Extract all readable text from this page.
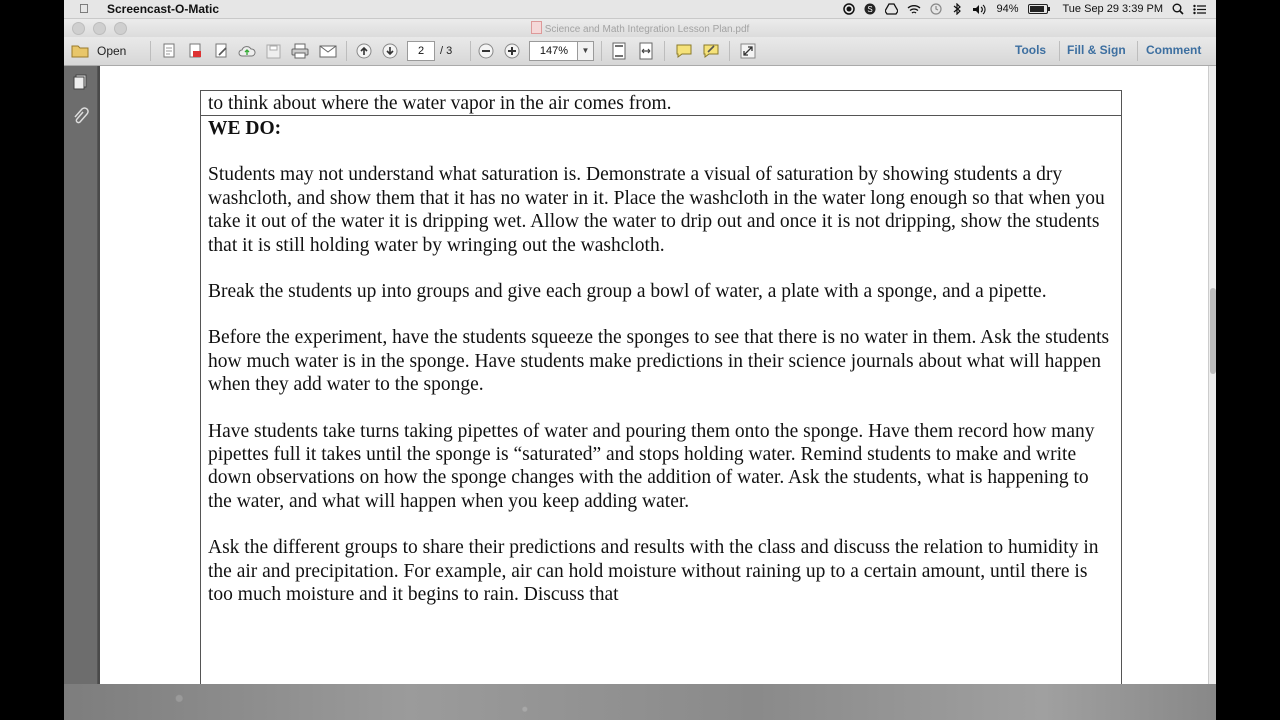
Screencast-O-Matic	S	94%	Tue Sep 29 3:39 PM
Science and Math Integration Lesson Plan.pdf
Open	2	/ 3	147%	▼	Tools Fill & Sign Comment

to think about where the water vapor in the air comes from.

WE DO:

Students may not understand what saturation is. Demonstrate a visual of saturation by showing students a dry washcloth, and show them that it has no water in it. Place the washcloth in the water long enough so that when you take it out of the water it is dripping wet. Allow the water to drip out and once it is not dripping, show the students that it is still holding water by wringing out the washcloth.

Break the students up into groups and give each group a bowl of water, a plate with a sponge, and a pipette.

Before the experiment, have the students squeeze the sponges to see that there is no water in them. Ask the students how much water is in the sponge. Have students make predictions in their science journals about what will happen when they add water to the sponge.

Have students take turns taking pipettes of water and pouring them onto the sponge. Have them record how many pipettes full it takes until the sponge is “saturated” and stops holding water. Remind students to make and write down observations on how the sponge changes with the addition of water. Ask the students, what is happening to the water, and what will happen when you keep adding water.

Ask the different groups to share their predictions and results with the class and discuss the relation to humidity in the air and precipitation. For example, air can hold moisture without raining up to a certain amount, until there is too much moisture and it begins to rain. Discuss that
